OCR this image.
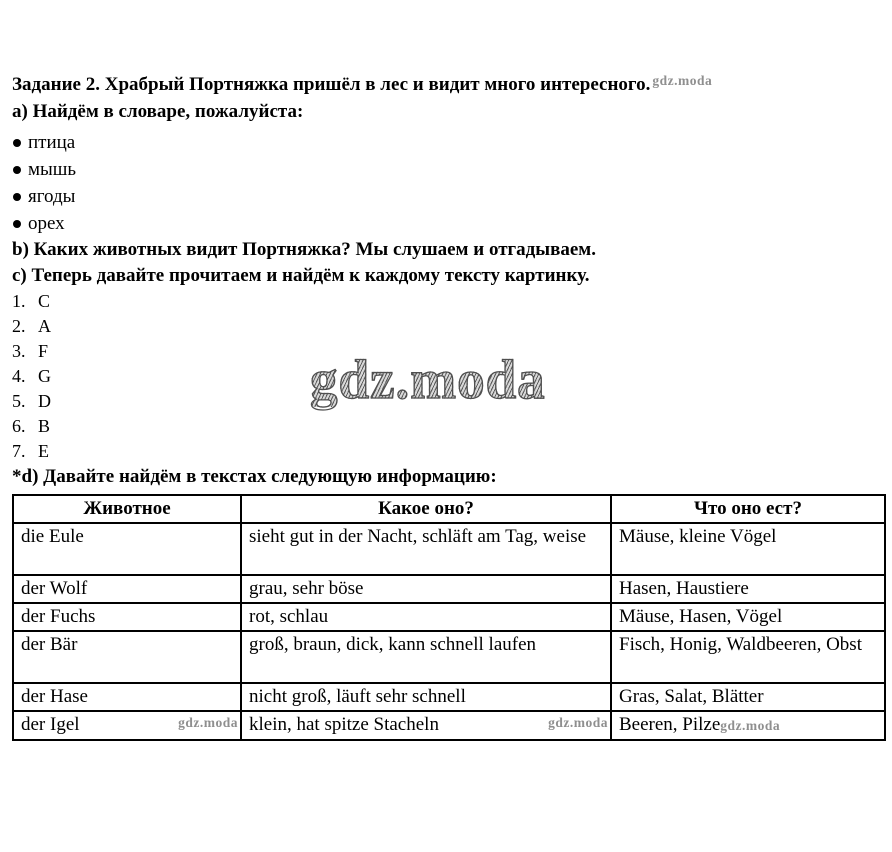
Задание 2. Храбрый Портняжка пришёл в лес и видит много интересного. $^{gdz.moda}$
а) Найдём в словаре, пожалуйста:
птица
мышь
ягоды
орех
b) Каких животных видит Портняжка? Мы слушаем и отгадываем.
c) Теперь давайте прочитаем и найдём к каждому тексту картинку.
1. C
2. A
3. F
4. G
5. D
6. B
7. E
gdz.moda
*d) Давайте найдём в текстах следующую информацию:
Животное	Какое оно?	Что оно ест?
die Eule	sieht gut in der Nacht, schläft am Tag, weise	Mäuse, kleine Vögel
der Wolf	grau, sehr böse	Hasen, Haustiere
der Fuchs	rot, schlau	Mäuse, Hasen, Vögel
der Bär	groß, braun, dick, kann schnell laufen	Fisch, Honig, Waldbeeren, Obst
der Hase	nicht groß, läuft sehr schnell	Gras, Salat, Blätter
der Igel gdz.moda	klein, hat spitze Stacheln gdz.moda	Beeren, Pilzegdz.moda
